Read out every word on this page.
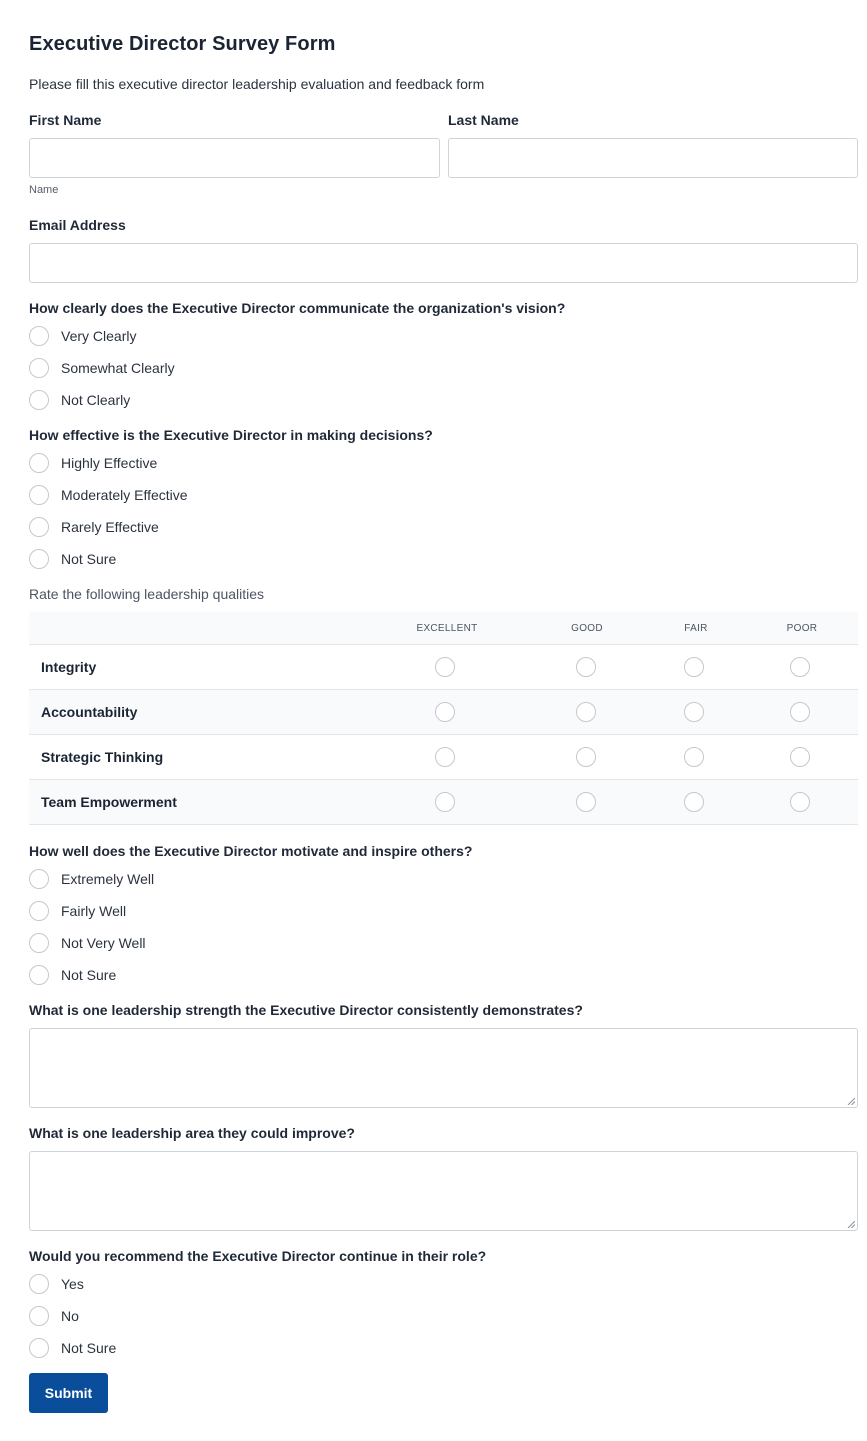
Executive Director Survey Form

Please fill this executive director leadership evaluation and feedback form

First Name	Last Name
Name
Email Address
How clearly does the Executive Director communicate the organization's vision?
Very Clearly
Somewhat Clearly
Not Clearly
How effective is the Executive Director in making decisions?
Highly Effective
Moderately Effective
Rarely Effective
Not Sure
Rate the following leadership qualities
EXCELLENT	GOOD	FAIR	POOR
Integrity
Accountability
Strategic Thinking
Team Empowerment
How well does the Executive Director motivate and inspire others?
Extremely Well
Fairly Well
Not Very Well
Not Sure
What is one leadership strength the Executive Director consistently demonstrates?
What is one leadership area they could improve?
Would you recommend the Executive Director continue in their role?
Yes
No
Not Sure
Submit
